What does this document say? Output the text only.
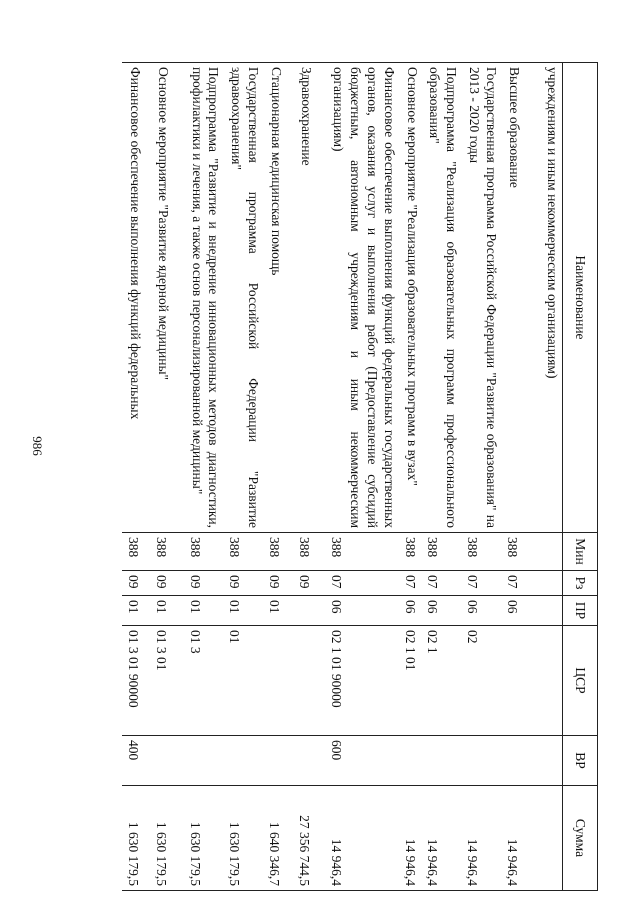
986
Наименование	Мин	Рз	ПР	ЦСР	ВР	Сумма
учреждениям и иным некоммерческим организациям)						
Высшее образование	388	07	06			14 946,4
Государственная программа Российской Федерации "Развитие образования" на 2013 - 2020 годы	388	07	06	02		14 946,4
Подпрограмма "Реализация образовательных программ профессионального образования"	388	07	06	02 1		14 946,4
Основное мероприятие "Реализация образовательных программ в вузах"	388	07	06	02 1 01		14 946,4
Финансовое обеспечение выполнения функций федеральных государственных органов, оказания услуг и выполнения работ (Предоставление субсидий бюджетным, автономным учреждениям и иным некоммерческим организациям)	388	07	06	02 1 01 90000	600	14 946,4
Здравоохранение	388	09				27 356 744,5
Стационарная медицинская помощь	388	09	01			1 640 346,7
Государственная программа Российской Федерации "Развитие здравоохранения"	388	09	01	01		1 630 179,5
Подпрограмма "Развитие и внедрение инновационных методов диагностики, профилактики и лечения, а также основ персонализированной медицины"	388	09	01	01 3		1 630 179,5
Основное мероприятие "Развитие ядерной медицины"	388	09	01	01 3 01		1 630 179,5
Финансовое обеспечение выполнения функций федеральных	388	09	01	01 3 01 90000	400	1 630 179,5
